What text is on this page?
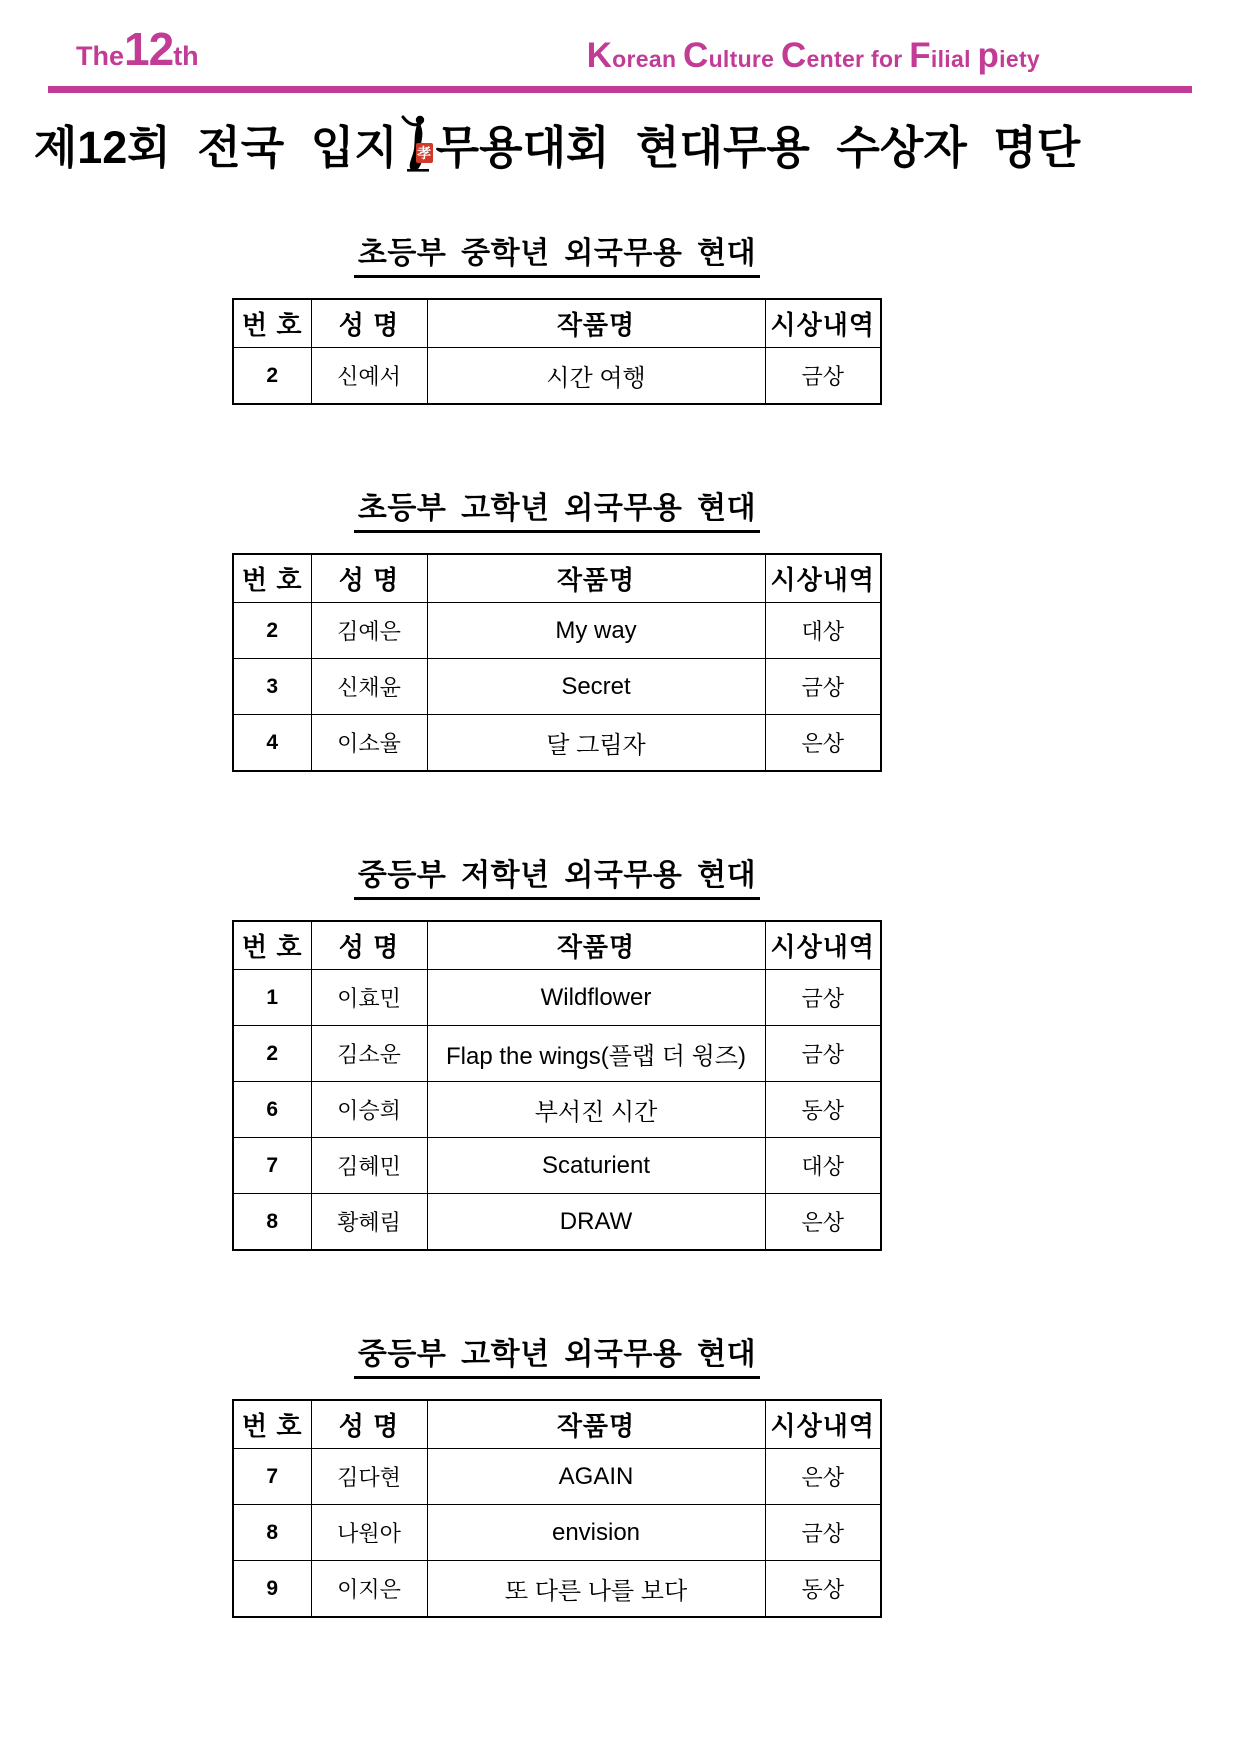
The12th	Korean Culture Center for Filial piety
제12회 전국 입지 孝 무용대회 현대무용 수상자 명단
초등부 중학년 외국무용 현대
번 호	성 명	작품명	시상내역
2	신예서	시간 여행	금상
초등부 고학년 외국무용 현대
번 호	성 명	작품명	시상내역
2	김예은	My way	대상
3	신채윤	Secret	금상
4	이소율	달 그림자	은상
중등부 저학년 외국무용 현대
번 호	성 명	작품명	시상내역
1	이효민	Wildflower	금상
2	김소운	Flap the wings(플랩 더 윙즈)	금상
6	이승희	부서진 시간	동상
7	김혜민	Scaturient	대상
8	황혜림	DRAW	은상
중등부 고학년 외국무용 현대
번 호	성 명	작품명	시상내역
7	김다현	AGAIN	은상
8	나원아	envision	금상
9	이지은	또 다른 나를 보다	동상
